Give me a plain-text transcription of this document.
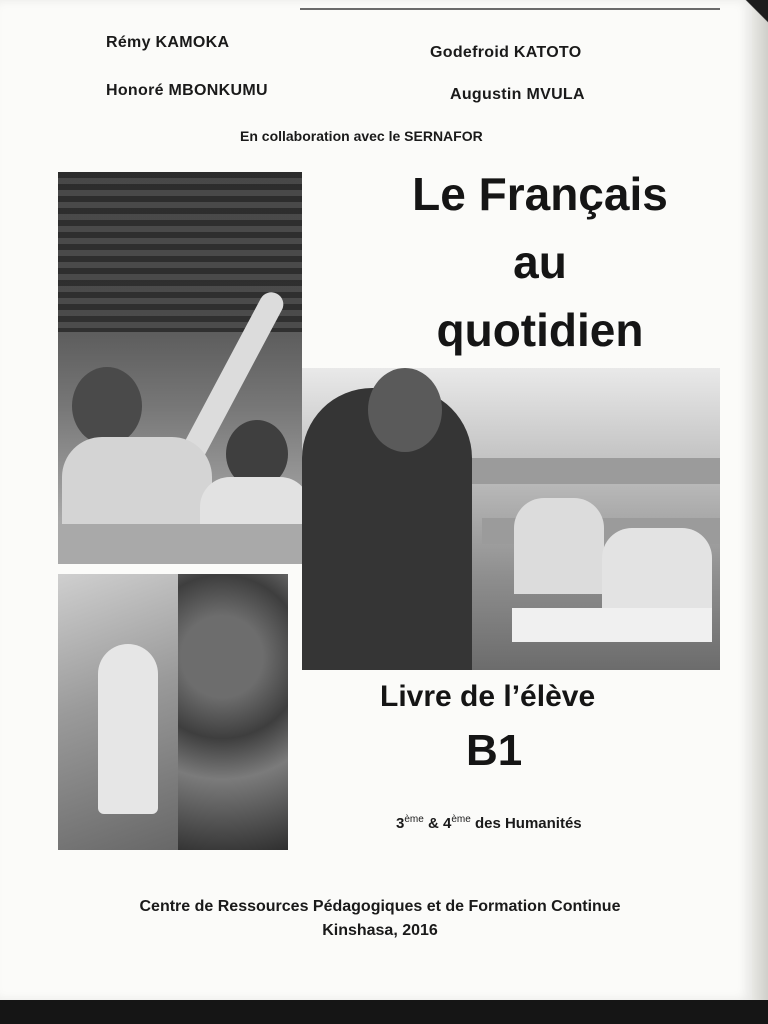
Rémy KAMOKA
Godefroid KATOTO
Honoré MBONKUMU	Augustin MVULA
En collaboration avec le SERNAFOR
Le Français
au
quotidien
Livre de l’élève
B1
3ème & 4ème des Humanités
Centre de Ressources Pédagogiques et de Formation Continue
Kinshasa, 2016
